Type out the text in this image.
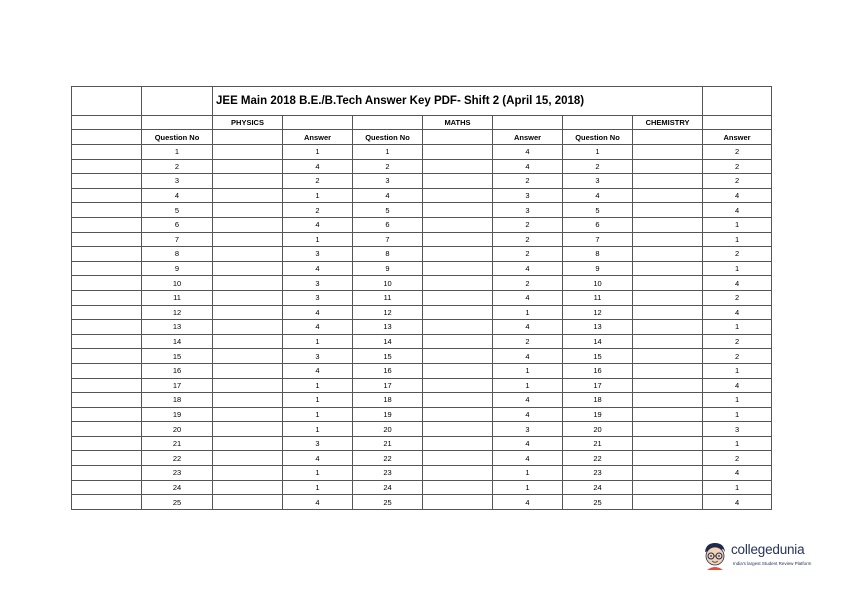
		JEE Main 2018 B.E./B.Tech Answer Key PDF- Shift 2 (April 15, 2018)							
		PHYSICS			MATHS			CHEMISTRY	
	Question No		Answer	Question No		Answer	Question No		Answer
	1		1	1		4	1		2
	2		4	2		4	2		2
	3		2	3		2	3		2
	4		1	4		3	4		4
	5		2	5		3	5		4
	6		4	6		2	6		1
	7		1	7		2	7		1
	8		3	8		2	8		2
	9		4	9		4	9		1
	10		3	10		2	10		4
	11		3	11		4	11		2
	12		4	12		1	12		4
	13		4	13		4	13		1
	14		1	14		2	14		2
	15		3	15		4	15		2
	16		4	16		1	16		1
	17		1	17		1	17		4
	18		1	18		4	18		1
	19		1	19		4	19		1
	20		1	20		3	20		3
	21		3	21		4	21		1
	22		4	22		4	22		2
	23		1	23		1	23		4
	24		1	24		1	24		1
	25		4	25		4	25		4
collegedunia
India's largest Student Review Platform
